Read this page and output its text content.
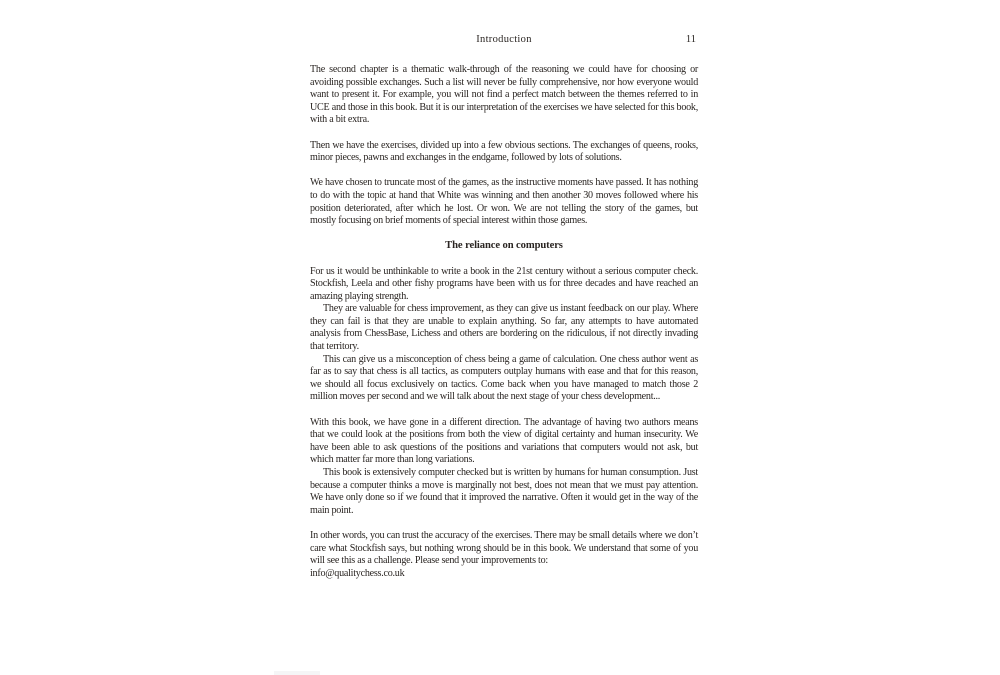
Introduction	11

The second chapter is a thematic walk-through of the reasoning we could have for choosing or avoiding possible exchanges. Such a list will never be fully comprehensive, nor how everyone would want to present it. For example, you will not find a perfect match between the themes referred to in UCE and those in this book. But it is our interpretation of the exercises we have selected for this book, with a bit extra.

Then we have the exercises, divided up into a few obvious sections. The exchanges of queens, rooks, minor pieces, pawns and exchanges in the endgame, followed by lots of solutions.

We have chosen to truncate most of the games, as the instructive moments have passed. It has nothing to do with the topic at hand that White was winning and then another 30 moves followed where his position deteriorated, after which he lost. Or won. We are not telling the story of the games, but mostly focusing on brief moments of special interest within those games.

The reliance on computers

For us it would be unthinkable to write a book in the 21st century without a serious computer check. Stockfish, Leela and other fishy programs have been with us for three decades and have reached an amazing playing strength.

They are valuable for chess improvement, as they can give us instant feedback on our play. Where they can fail is that they are unable to explain anything. So far, any attempts to have automated analysis from ChessBase, Lichess and others are bordering on the ridiculous, if not directly invading that territory.

This can give us a misconception of chess being a game of calculation. One chess author went as far as to say that chess is all tactics, as computers outplay humans with ease and that for this reason, we should all focus exclusively on tactics. Come back when you have managed to match those 2 million moves per second and we will talk about the next stage of your chess development...

With this book, we have gone in a different direction. The advantage of having two authors means that we could look at the positions from both the view of digital certainty and human insecurity. We have been able to ask questions of the positions and variations that computers would not ask, but which matter far more than long variations.

This book is extensively computer checked but is written by humans for human consumption. Just because a computer thinks a move is marginally not best, does not mean that we must pay attention. We have only done so if we found that it improved the narrative. Often it would get in the way of the main point.

In other words, you can trust the accuracy of the exercises. There may be small details where we don’t care what Stockfish says, but nothing wrong should be in this book. We understand that some of you will see this as a challenge. Please send your improvements to:
info@qualitychess.co.uk
